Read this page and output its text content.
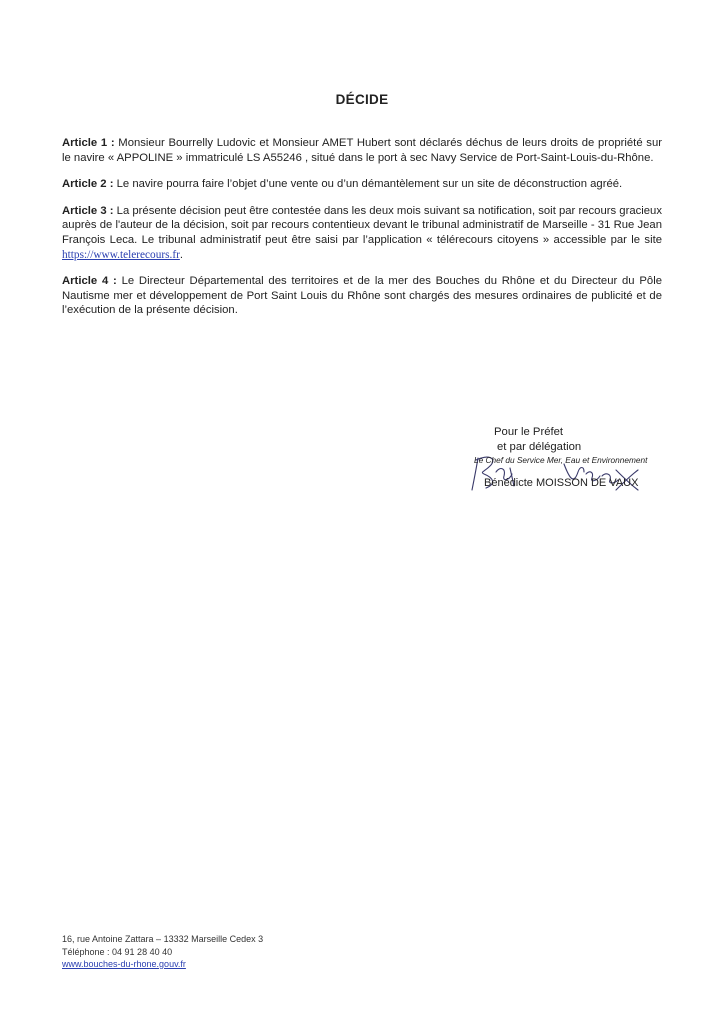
DÉCIDE

Article 1 : Monsieur Bourrelly Ludovic et Monsieur AMET Hubert sont déclarés déchus de leurs droits de propriété sur le navire « APPOLINE » immatriculé LS A55246 , situé dans le port à sec Navy Service de Port-Saint-Louis-du-Rhône.

Article 2 : Le navire pourra faire l’objet d’une vente ou d’un démantèlement sur un site de déconstruction agréé.

Article 3 : La présente décision peut être contestée dans les deux mois suivant sa notification, soit par recours gracieux auprès de l'auteur de la décision, soit par recours contentieux devant le tribunal administratif de Marseille - 31 Rue Jean François Leca. Le tribunal administratif peut être saisi par l’application « télérecours citoyens » accessible par le site https://www.telerecours.fr.

Article 4 : Le Directeur Départemental des territoires et de la mer des Bouches du Rhône et du Directeur du Pôle Nautisme mer et développement de Port Saint Louis du Rhône sont chargés des mesures ordinaires de publicité et de l’exécution de la présente décision.

Pour le Préfet
et par délégation
Le Chef du Service Mer, Eau et Environnement
Bénédicte MOISSON DE VAUX
16, rue Antoine Zattara – 13332 Marseille Cedex 3
Téléphone : 04 91 28 40 40
www.bouches-du-rhone.gouv.fr
